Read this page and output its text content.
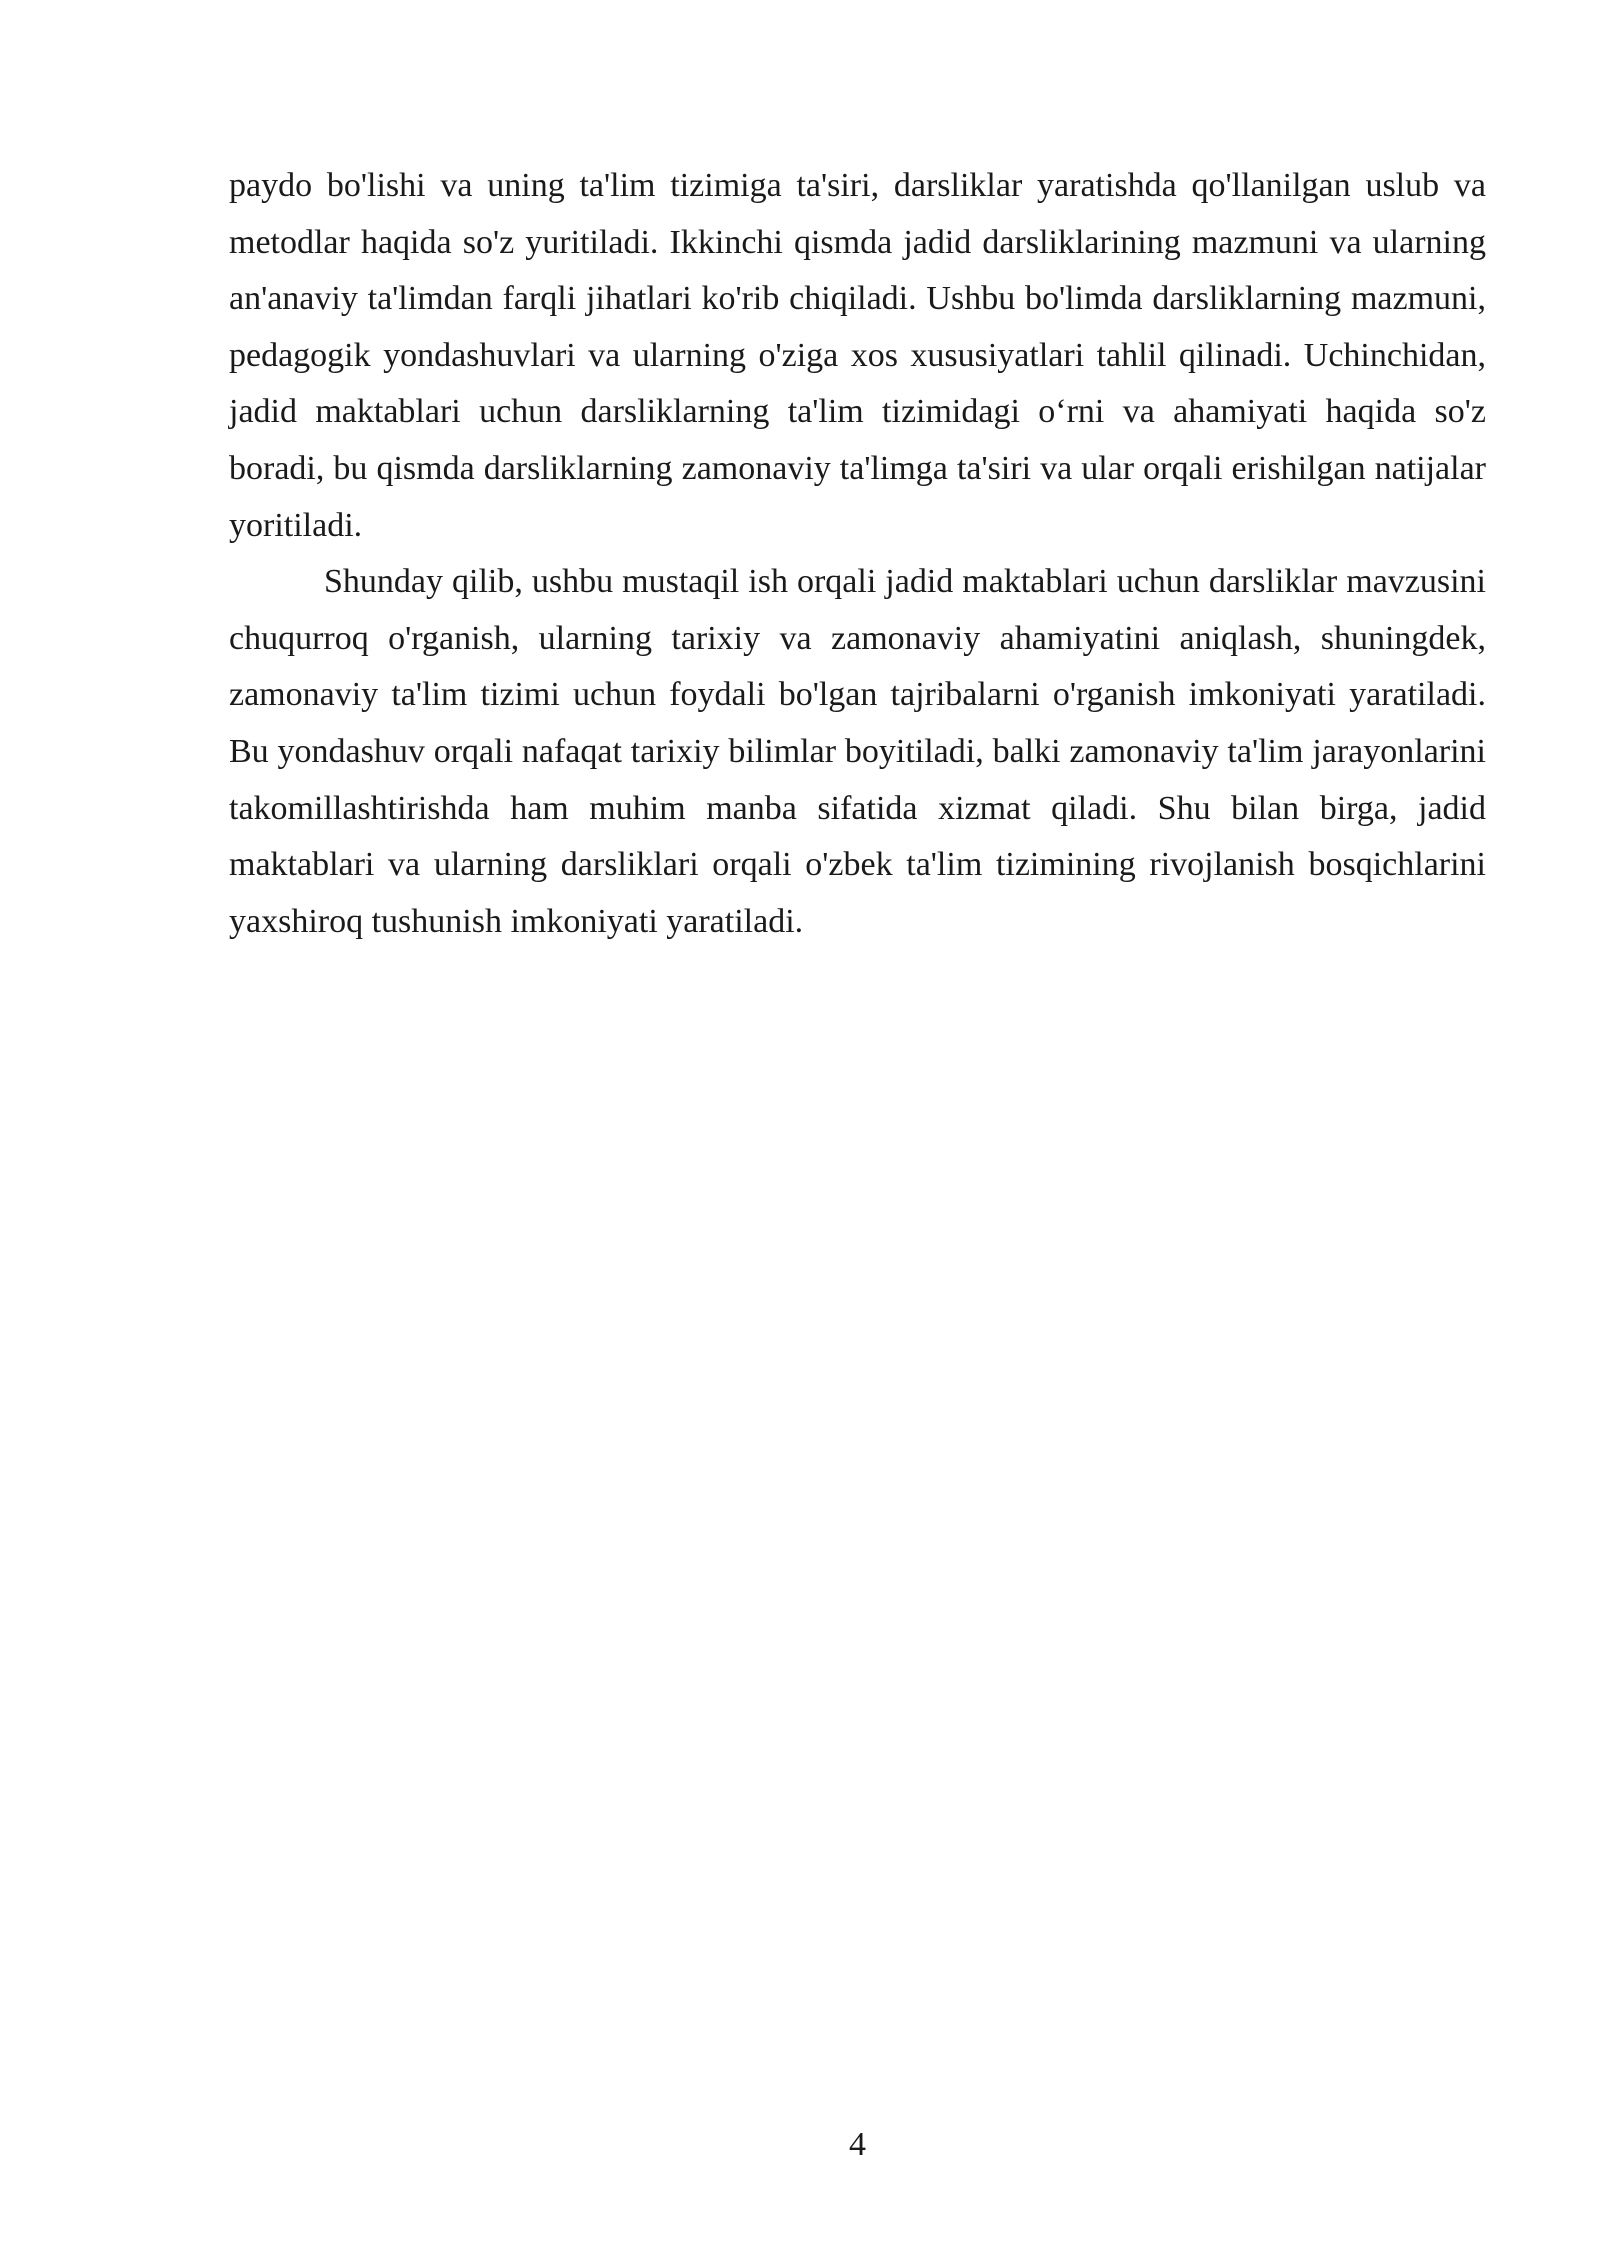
paydo bo'lishi va uning ta'lim tizimiga ta'siri, darsliklar yaratishda qo'llanilgan uslub va metodlar haqida so'z yuritiladi. Ikkinchi qismda jadid darsliklarining mazmuni va ularning an'anaviy ta'limdan farqli jihatlari ko'rib chiqiladi. Ushbu bo'limda darsliklarning mazmuni, pedagogik yondashuvlari va ularning o'ziga xos xususiyatlari tahlil qilinadi. Uchinchidan, jadid maktablari uchun darsliklarning ta'lim tizimidagi o‘rni va ahamiyati haqida so'z boradi, bu qismda darsliklarning zamonaviy ta'limga ta'siri va ular orqali erishilgan natijalar yoritiladi.

Shunday qilib, ushbu mustaqil ish orqali jadid maktablari uchun darsliklar mavzusini chuqurroq o'rganish, ularning tarixiy va zamonaviy ahamiyatini aniqlash, shuningdek, zamonaviy ta'lim tizimi uchun foydali bo'lgan tajribalarni o'rganish imkoniyati yaratiladi. Bu yondashuv orqali nafaqat tarixiy bilimlar boyitiladi, balki zamonaviy ta'lim jarayonlarini takomillashtirishda ham muhim manba sifatida xizmat qiladi. Shu bilan birga, jadid maktablari va ularning darsliklari orqali o'zbek ta'lim tizimining rivojlanish bosqichlarini yaxshiroq tushunish imkoniyati yaratiladi.

4
